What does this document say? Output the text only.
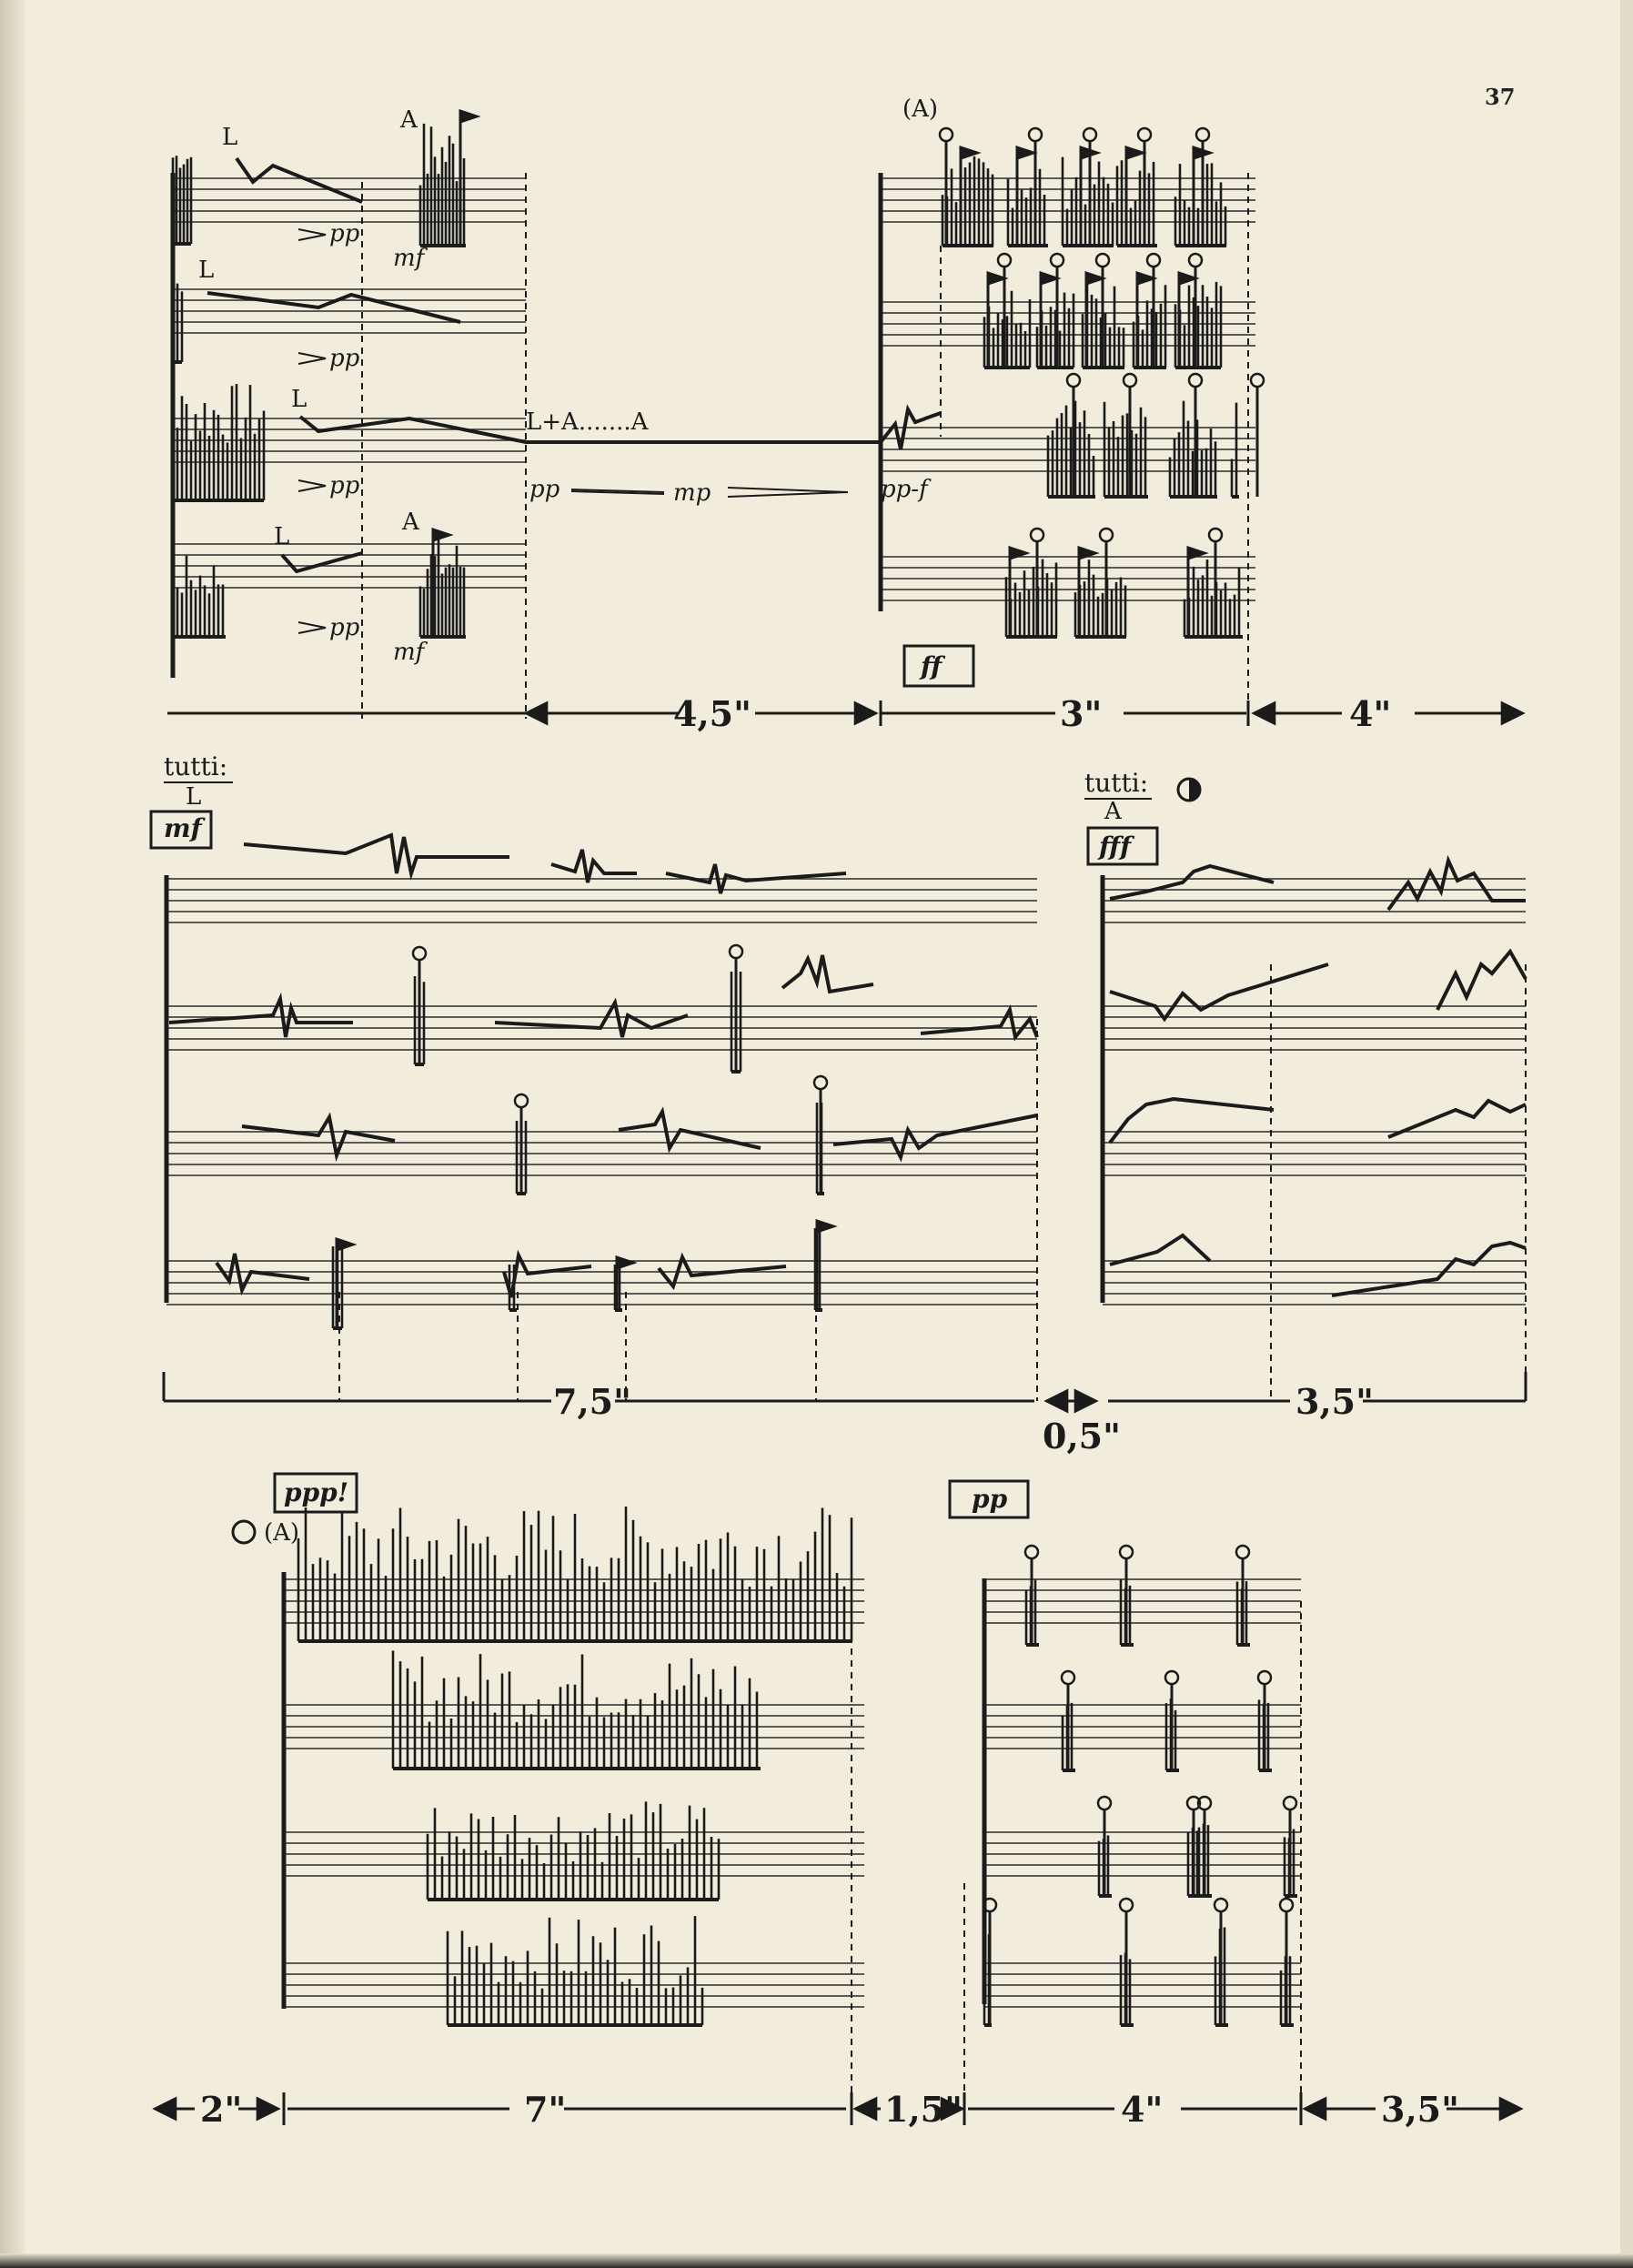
37
L
A
L
L
L
A
(A)
L+A.......A
pp
pp
pp
pp
mf
mf
pp	mp	pp-f
ff
4,5"	3"	4"
tutti:
L
mf
tutti:
A
fff
7,5"
0,5"
3,5"
ppp!
(A)
pp
2"	7"	1,5"	4"	3,5"
